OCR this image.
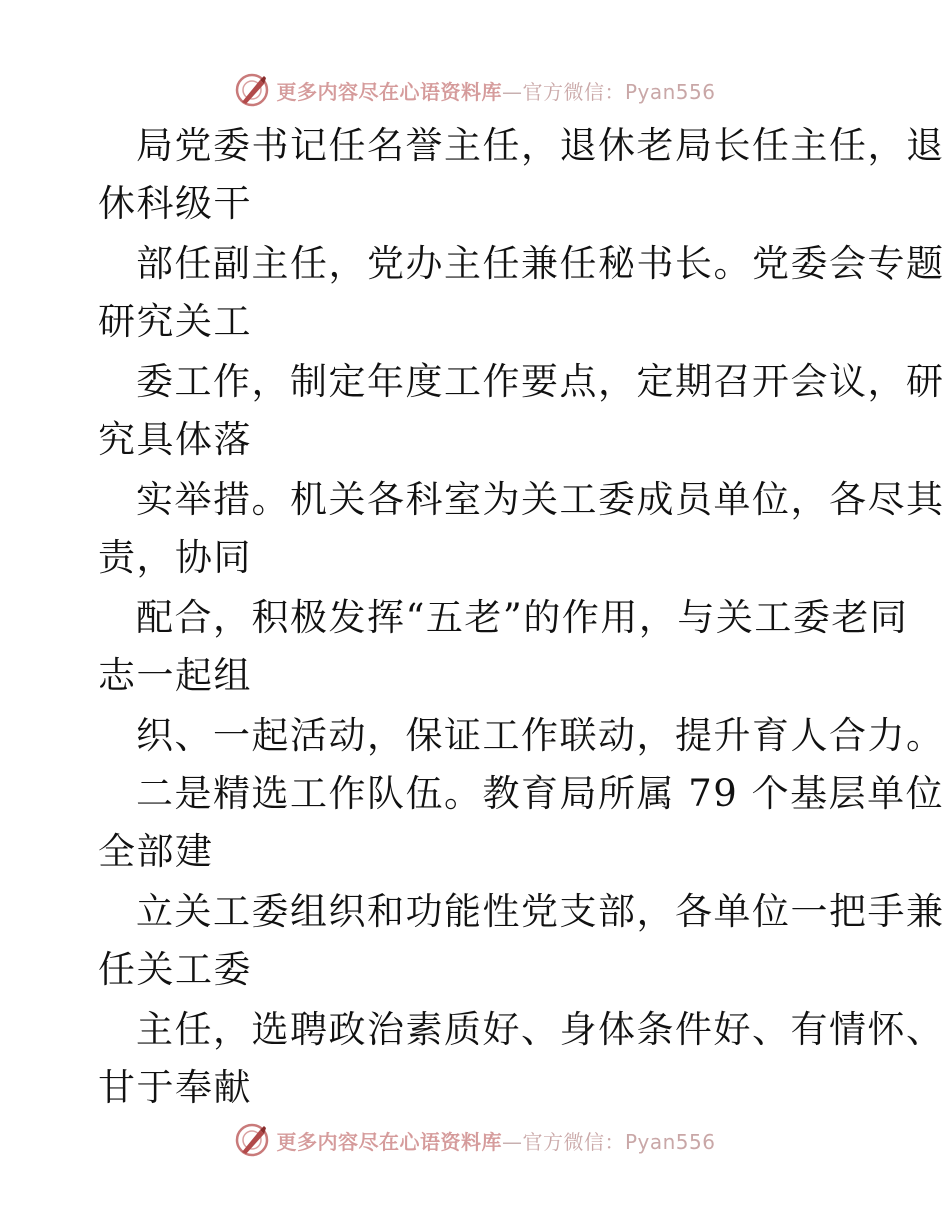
更多内容尽在心语资料库—官方微信：Pyan556
局党委书记任名誉主任，退休老局长任主任，退
休科级干
部任副主任，党办主任兼任秘书长。党委会专题
研究关工
委工作，制定年度工作要点，定期召开会议，研
究具体落
实举措。机关各科室为关工委成员单位，各尽其
责，协同
配合，积极发挥“五老”的作用，与关工委老同
志一起组
织、一起活动，保证工作联动，提升育人合力。
二是精选工作队伍。教育局所属 79 个基层单位
全部建
立关工委组织和功能性党支部，各单位一把手兼
任关工委
主任，选聘政治素质好、身体条件好、有情怀、
甘于奉献
更多内容尽在心语资料库—官方微信：Pyan556
